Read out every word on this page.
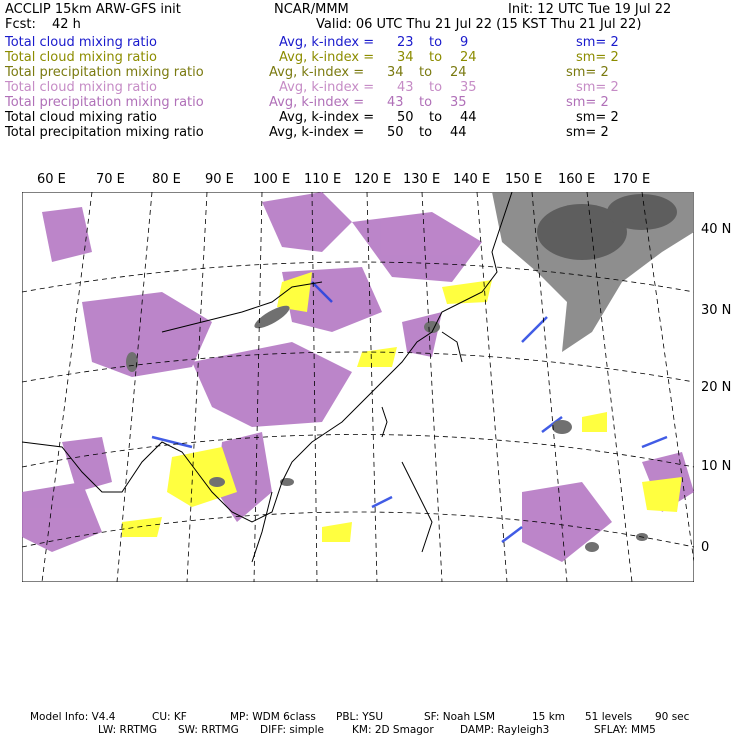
ACCLIP 15km ARW-GFS init	NCAR/MMM	Init: 12 UTC Tue 19 Jul 22
Fcst: 42 h	Valid: 06 UTC Thu 21 Jul 22 (15 KST Thu 21 Jul 22)
Total cloud mixing ratio	Avg, k-index = 23 to 9	sm= 2
Total cloud mixing ratio	Avg, k-index = 34 to 24	sm= 2
Total precipitation mixing ratio	Avg, k-index = 34 to 24	sm= 2
Total cloud mixing ratio	Avg, k-index = 43 to 35	sm= 2
Total precipitation mixing ratio	Avg, k-index = 43 to 35	sm= 2
Total cloud mixing ratio	Avg, k-index = 50 to 44	sm= 2
Total precipitation mixing ratio	Avg, k-index = 50 to 44	sm= 2
60 E 70 E 80 E 90 E 100 E 110 E 120 E 130 E 140 E 150 E 160 E 170 E
40 N
30 N
20 N
10 N
0
Model Info: V4.4	CU: KF	MP: WDM 6class PBL: YSU	SF: Noah LSM	15 km 51 levels 90 sec
LW: RRTMG SW: RRTMG DIFF: simple	KM: 2D Smagor	DAMP: Rayleigh3	SFLAY: MM5
